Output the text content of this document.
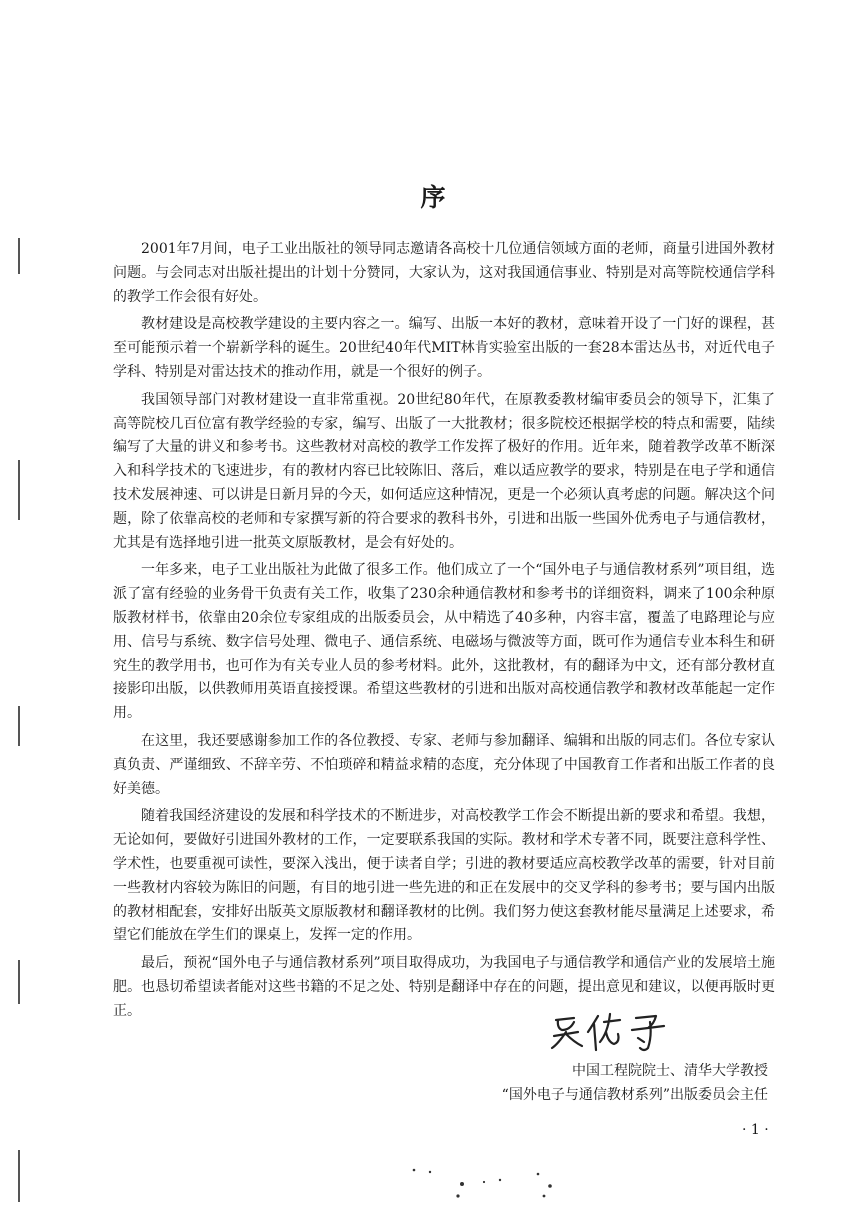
序

2001年7月间，电子工业出版社的领导同志邀请各高校十几位通信领域方面的老师，商量引进国外教材问题。与会同志对出版社提出的计划十分赞同，大家认为，这对我国通信事业、特别是对高等院校通信学科的教学工作会很有好处。

教材建设是高校教学建设的主要内容之一。编写、出版一本好的教材，意味着开设了一门好的课程，甚至可能预示着一个崭新学科的诞生。20世纪40年代MIT林肯实验室出版的一套28本雷达丛书，对近代电子学科、特别是对雷达技术的推动作用，就是一个很好的例子。

我国领导部门对教材建设一直非常重视。20世纪80年代，在原教委教材编审委员会的领导下，汇集了高等院校几百位富有教学经验的专家，编写、出版了一大批教材；很多院校还根据学校的特点和需要，陆续编写了大量的讲义和参考书。这些教材对高校的教学工作发挥了极好的作用。近年来，随着教学改革不断深入和科学技术的飞速进步，有的教材内容已比较陈旧、落后，难以适应教学的要求，特别是在电子学和通信技术发展神速、可以讲是日新月异的今天，如何适应这种情况，更是一个必须认真考虑的问题。解决这个问题，除了依靠高校的老师和专家撰写新的符合要求的教科书外，引进和出版一些国外优秀电子与通信教材，尤其是有选择地引进一批英文原版教材，是会有好处的。

一年多来，电子工业出版社为此做了很多工作。他们成立了一个“国外电子与通信教材系列”项目组，选派了富有经验的业务骨干负责有关工作，收集了230余种通信教材和参考书的详细资料，调来了100余种原版教材样书，依靠由20余位专家组成的出版委员会，从中精选了40多种，内容丰富，覆盖了电路理论与应用、信号与系统、数字信号处理、微电子、通信系统、电磁场与微波等方面，既可作为通信专业本科生和研究生的教学用书，也可作为有关专业人员的参考材料。此外，这批教材，有的翻译为中文，还有部分教材直接影印出版，以供教师用英语直接授课。希望这些教材的引进和出版对高校通信教学和教材改革能起一定作用。

在这里，我还要感谢参加工作的各位教授、专家、老师与参加翻译、编辑和出版的同志们。各位专家认真负责、严谨细致、不辞辛劳、不怕琐碎和精益求精的态度，充分体现了中国教育工作者和出版工作者的良好美德。

随着我国经济建设的发展和科学技术的不断进步，对高校教学工作会不断提出新的要求和希望。我想，无论如何，要做好引进国外教材的工作，一定要联系我国的实际。教材和学术专著不同，既要注意科学性、学术性，也要重视可读性，要深入浅出，便于读者自学；引进的教材要适应高校教学改革的需要，针对目前一些教材内容较为陈旧的问题，有目的地引进一些先进的和正在发展中的交叉学科的参考书；要与国内出版的教材相配套，安排好出版英文原版教材和翻译教材的比例。我们努力使这套教材能尽量满足上述要求，希望它们能放在学生们的课桌上，发挥一定的作用。

最后，预祝“国外电子与通信教材系列”项目取得成功，为我国电子与通信教学和通信产业的发展培土施肥。也恳切希望读者能对这些书籍的不足之处、特别是翻译中存在的问题，提出意见和建议，以便再版时更正。

中国工程院院士、清华大学教授
“国外电子与通信教材系列”出版委员会主任
· 1 ·
